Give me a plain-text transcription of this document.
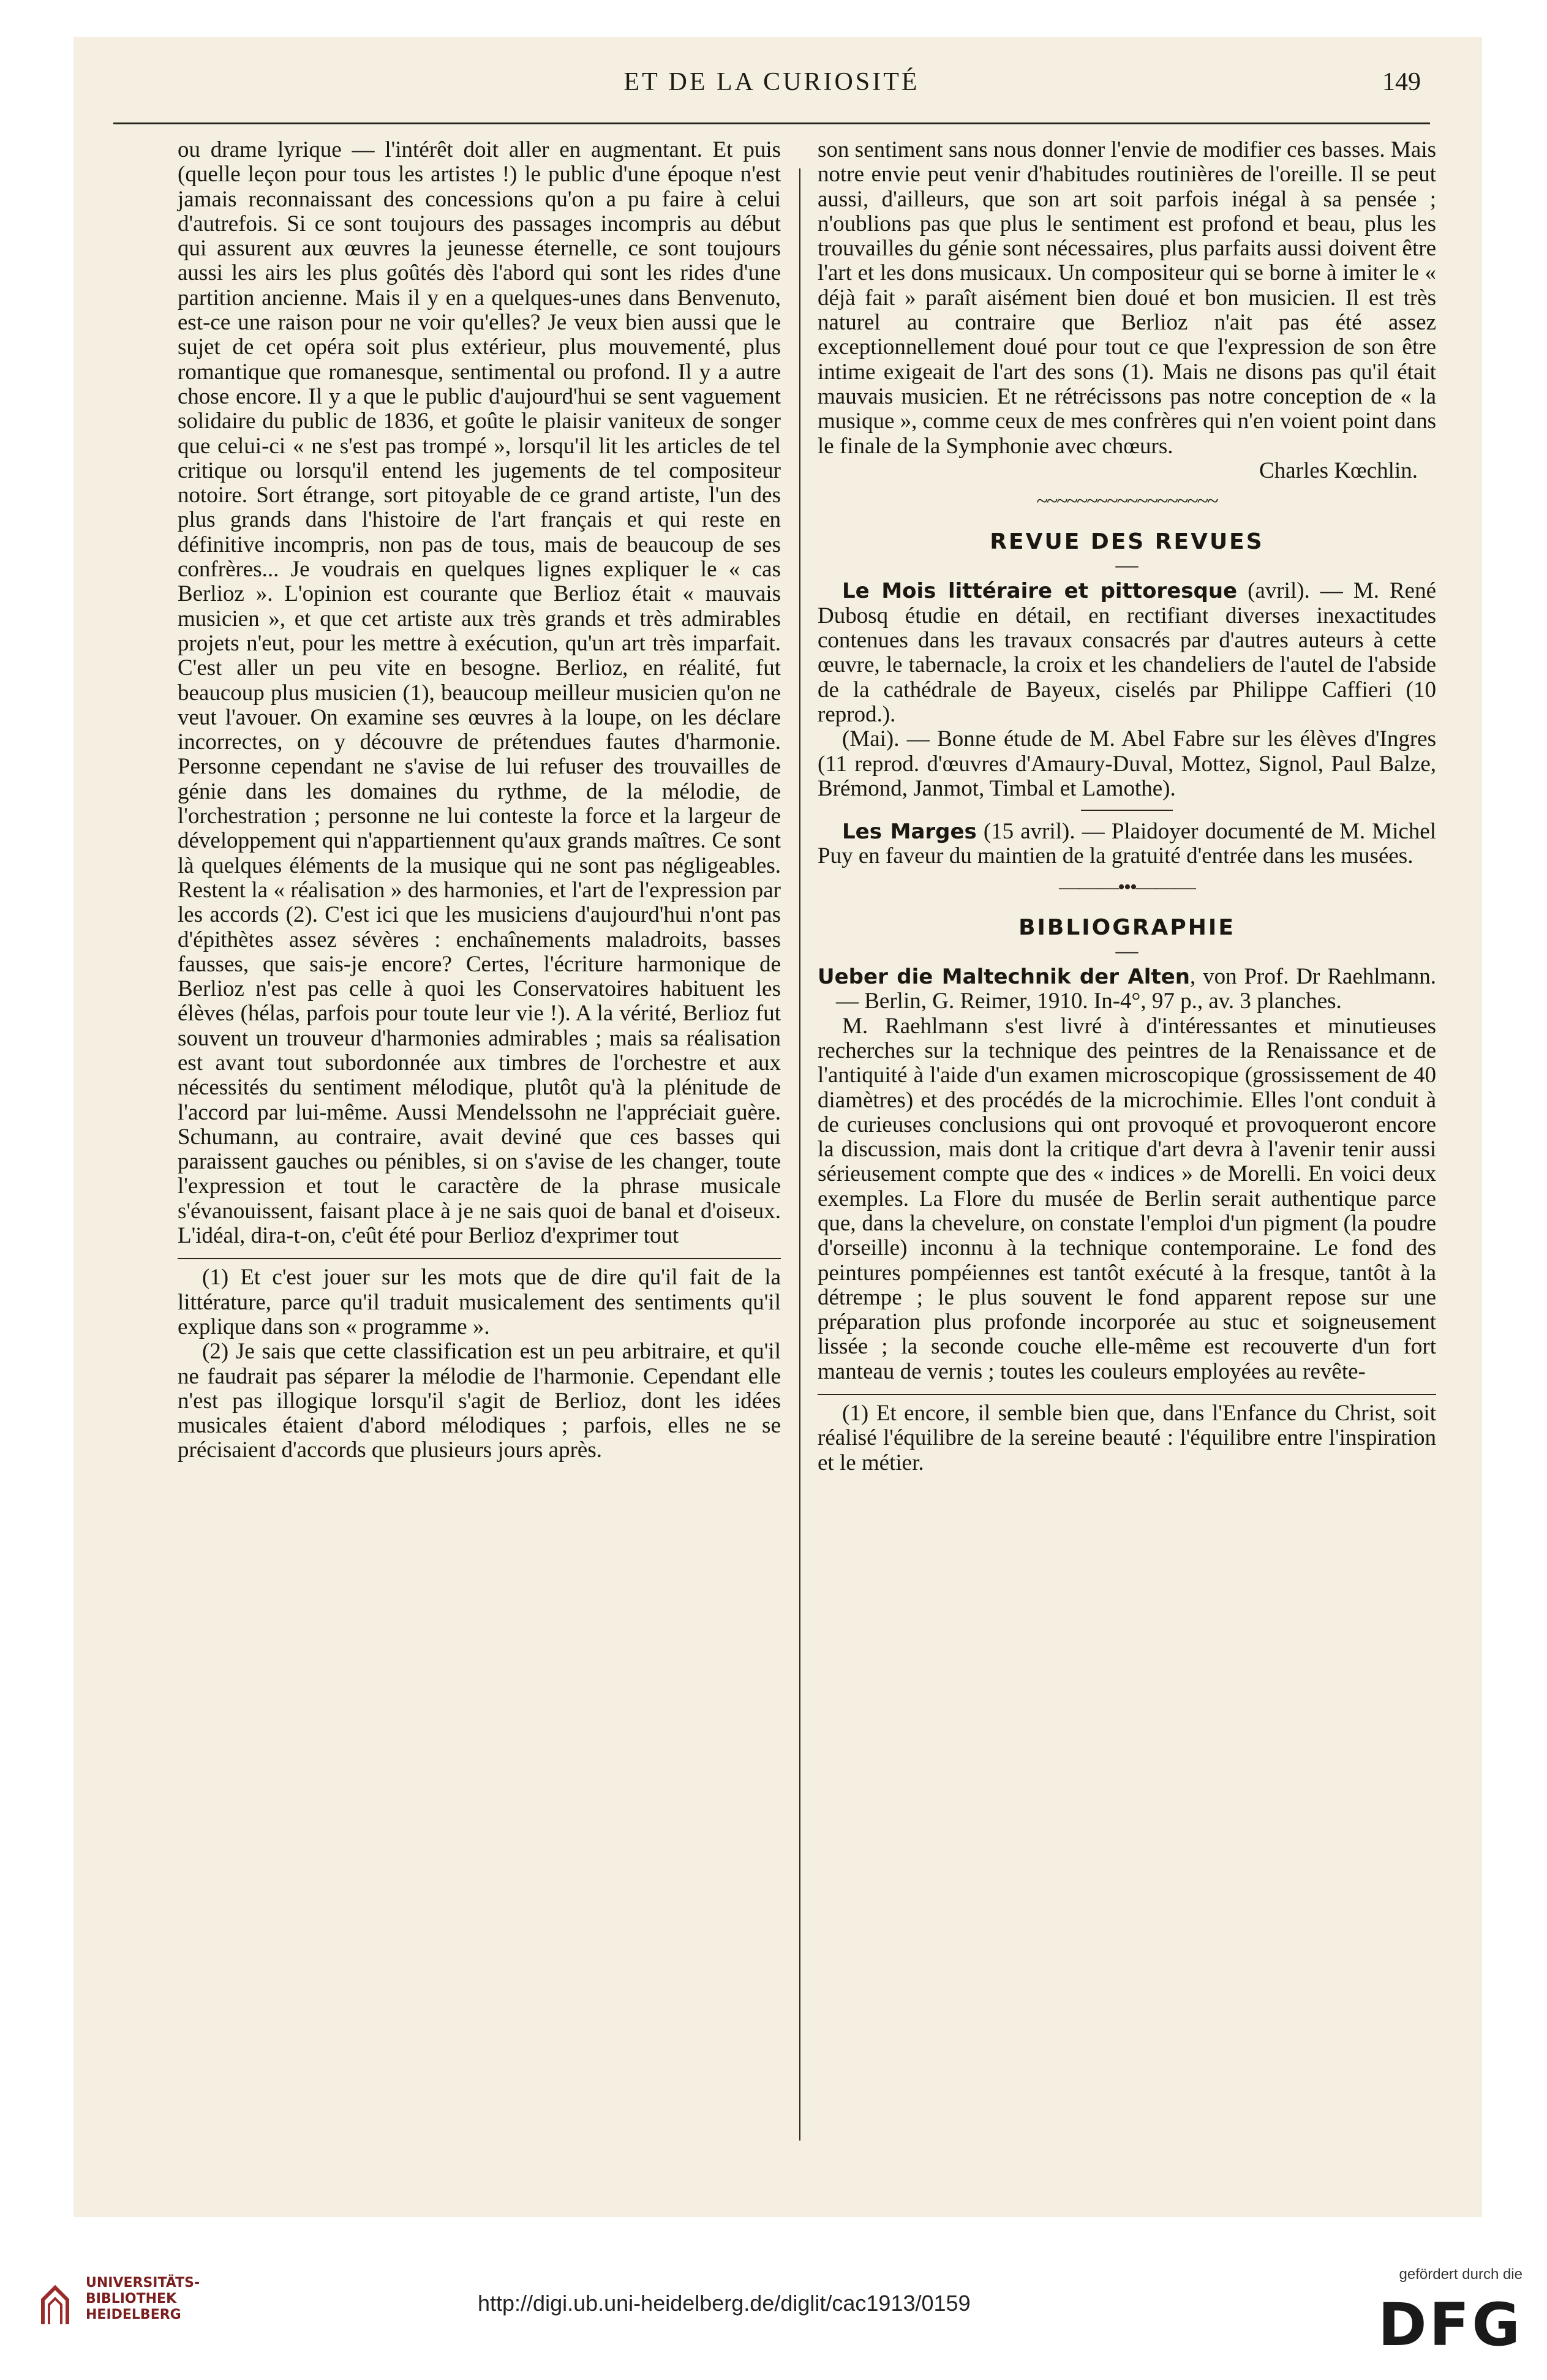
ET DE LA CURIOSITÉ	149

ou drame lyrique — l'intérêt doit aller en augmentant. Et puis (quelle leçon pour tous les artistes !) le public d'une époque n'est jamais reconnaissant des concessions qu'on a pu faire à celui d'autrefois. Si ce sont toujours des passages incompris au début qui assurent aux œuvres la jeunesse éternelle, ce sont toujours aussi les airs les plus goûtés dès l'abord qui sont les rides d'une partition ancienne. Mais il y en a quelques-unes dans Benvenuto, est-ce une raison pour ne voir qu'elles? Je veux bien aussi que le sujet de cet opéra soit plus extérieur, plus mouvementé, plus romantique que romanesque, sentimental ou profond. Il y a autre chose encore. Il y a que le public d'aujourd'hui se sent vaguement solidaire du public de 1836, et goûte le plaisir vaniteux de songer que celui-ci « ne s'est pas trompé », lorsqu'il lit les articles de tel critique ou lorsqu'il entend les jugements de tel compositeur notoire. Sort étrange, sort pitoyable de ce grand artiste, l'un des plus grands dans l'histoire de l'art français et qui reste en définitive incompris, non pas de tous, mais de beaucoup de ses confrères... Je voudrais en quelques lignes expliquer le « cas Berlioz ». L'opinion est courante que Berlioz était « mauvais musicien », et que cet artiste aux très grands et très admirables projets n'eut, pour les mettre à exécution, qu'un art très imparfait. C'est aller un peu vite en besogne. Berlioz, en réalité, fut beaucoup plus musicien (1), beaucoup meilleur musicien qu'on ne veut l'avouer. On examine ses œuvres à la loupe, on les déclare incorrectes, on y découvre de prétendues fautes d'harmonie. Personne cependant ne s'avise de lui refuser des trouvailles de génie dans les domaines du rythme, de la mélodie, de l'orchestration ; personne ne lui conteste la force et la largeur de développement qui n'appartiennent qu'aux grands maîtres. Ce sont là quelques éléments de la musique qui ne sont pas négligeables. Restent la « réalisation » des harmonies, et l'art de l'expression par les accords (2). C'est ici que les musiciens d'aujourd'hui n'ont pas d'épithètes assez sévères : enchaînements maladroits, basses fausses, que sais-je encore? Certes, l'écriture harmonique de Berlioz n'est pas celle à quoi les Conservatoires habituent les élèves (hélas, parfois pour toute leur vie !). A la vérité, Berlioz fut souvent un trouveur d'harmonies admirables ; mais sa réalisation est avant tout subordonnée aux timbres de l'orchestre et aux nécessités du sentiment mélodique, plutôt qu'à la plénitude de l'accord par lui-même. Aussi Mendelssohn ne l'appréciait guère. Schumann, au contraire, avait deviné que ces basses qui paraissent gauches ou pénibles, si on s'avise de les changer, toute l'expression et tout le caractère de la phrase musicale s'évanouissent, faisant place à je ne sais quoi de banal et d'oiseux. L'idéal, dira-t-on, c'eût été pour Berlioz d'exprimer tout

(1) Et c'est jouer sur les mots que de dire qu'il fait de la littérature, parce qu'il traduit musicalement des sentiments qu'il explique dans son « programme ».

(2) Je sais que cette classification est un peu arbitraire, et qu'il ne faudrait pas séparer la mélodie de l'harmonie. Cependant elle n'est pas illogique lorsqu'il s'agit de Berlioz, dont les idées musicales étaient d'abord mélodiques ; parfois, elles ne se précisaient d'accords que plusieurs jours après.

son sentiment sans nous donner l'envie de modifier ces basses. Mais notre envie peut venir d'habitudes routinières de l'oreille. Il se peut aussi, d'ailleurs, que son art soit parfois inégal à sa pensée ; n'oublions pas que plus le sentiment est profond et beau, plus les trouvailles du génie sont nécessaires, plus parfaits aussi doivent être l'art et les dons musicaux. Un compositeur qui se borne à imiter le « déjà fait » paraît aisément bien doué et bon musicien. Il est très naturel au contraire que Berlioz n'ait pas été assez exceptionnellement doué pour tout ce que l'expression de son être intime exigeait de l'art des sons (1). Mais ne disons pas qu'il était mauvais musicien. Et ne rétrécissons pas notre conception de « la musique », comme ceux de mes confrères qui n'en voient point dans le finale de la Symphonie avec chœurs.

Charles Kœchlin.

~~~~~~~~~~~~~~~~~~
REVUE DES REVUES
—

Le Mois littéraire et pittoresque (avril). — M. René Dubosq étudie en détail, en rectifiant diverses inexactitudes contenues dans les travaux consacrés par d'autres auteurs à cette œuvre, le tabernacle, la croix et les chandeliers de l'autel de l'abside de la cathédrale de Bayeux, ciselés par Philippe Caffieri (10 reprod.).

(Mai). — Bonne étude de M. Abel Fabre sur les élèves d'Ingres (11 reprod. d'œuvres d'Amaury-Duval, Mottez, Signol, Paul Balze, Brémond, Janmot, Timbal et Lamothe).

Les Marges (15 avril). — Plaidoyer documenté de M. Michel Puy en faveur du maintien de la gratuité d'entrée dans les musées.

———•••———
BIBLIOGRAPHIE
—

Ueber die Maltechnik der Alten, von Prof. Dr Raehlmann. — Berlin, G. Reimer, 1910. In-4°, 97 p., av. 3 planches.

M. Raehlmann s'est livré à d'intéressantes et minutieuses recherches sur la technique des peintres de la Renaissance et de l'antiquité à l'aide d'un examen microscopique (grossissement de 40 diamètres) et des procédés de la microchimie. Elles l'ont conduit à de curieuses conclusions qui ont provoqué et provoqueront encore la discussion, mais dont la critique d'art devra à l'avenir tenir aussi sérieusement compte que des « indices » de Morelli. En voici deux exemples. La Flore du musée de Berlin serait authentique parce que, dans la chevelure, on constate l'emploi d'un pigment (la poudre d'orseille) inconnu à la technique contemporaine. Le fond des peintures pompéiennes est tantôt exécuté à la fresque, tantôt à la détrempe ; le plus souvent le fond apparent repose sur une préparation plus profonde incorporée au stuc et soigneusement lissée ; la seconde couche elle-même est recouverte d'un fort manteau de vernis ; toutes les couleurs employées au revête-

(1) Et encore, il semble bien que, dans l'Enfance du Christ, soit réalisé l'équilibre de la sereine beauté : l'équilibre entre l'inspiration et le métier.

UNIVERSITÄTS-
BIBLIOTHEK
HEIDELBERG	http://digi.ub.uni-heidelberg.de/diglit/cac1913/0159
gefördert durch die
DFG
